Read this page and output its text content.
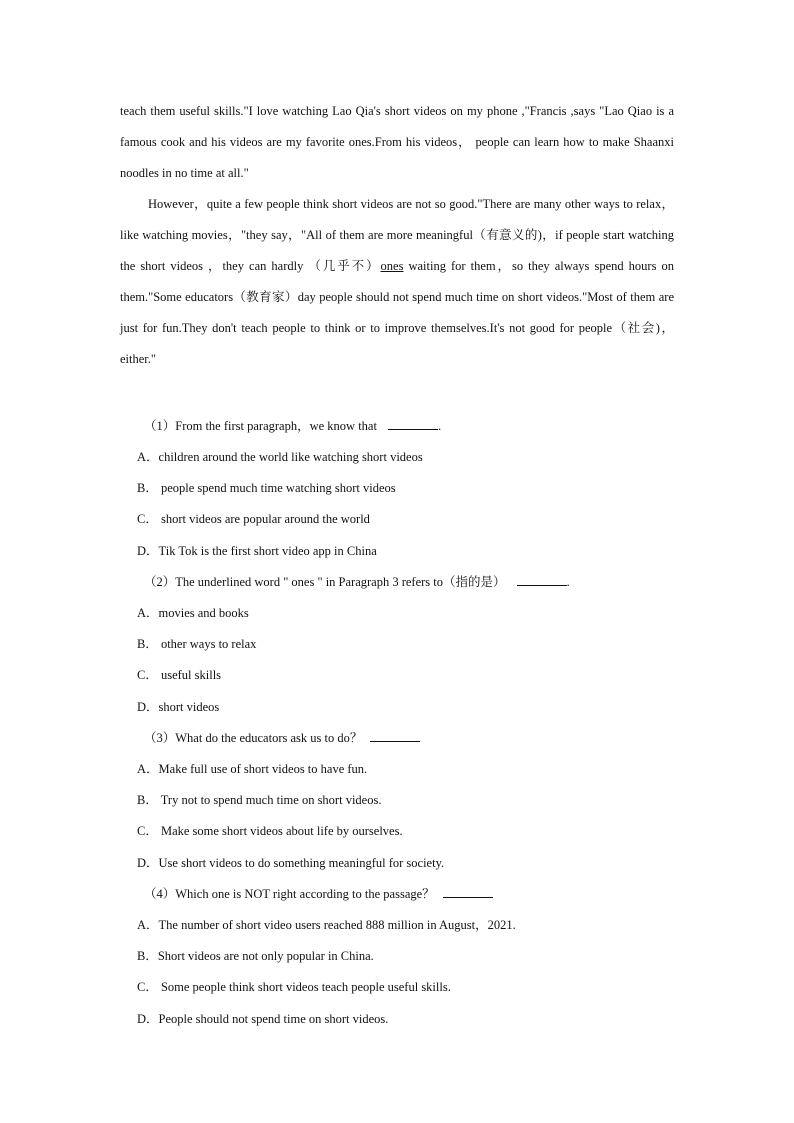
teach them useful skills."I love watching Lao Qia's short videos on my phone ,"Francis ,says "Lao Qiao is a famous cook and his videos are my favorite ones.From his videos， people can learn how to make Shaanxi noodles in no time at all."

However，quite a few people think short videos are not so good."There are many other ways to relax，like watching movies，"they say，"All of them are more meaningful（有意义的)，if people start watching the short videos ，they can hardly （几乎不）ones waiting for them，so they always spend hours on them."Some educators（教育家）day people should not spend much time on short videos."Most of them are just for fun.They don't teach people to think or to improve themselves.It's not good for people（社会)，either."

（1）From the first paragraph，we know that	.
A．children around the world like watching short videos
B． people spend much time watching short videos
C． short videos are popular around the world
D．Tik Tok is the first short video app in China
（2）The underlined word " ones " in Paragraph 3 refers to（指的是）	.
A．movies and books
B． other ways to relax
C． useful skills
D．short videos
（3）What do the educators ask us to do？
A．Make full use of short videos to have fun.
B． Try not to spend much time on short videos.
C． Make some short videos about life by ourselves.
D．Use short videos to do something meaningful for society.
（4）Which one is NOT right according to the passage？
A．The number of short video users reached 888 million in August，2021.
B．Short videos are not only popular in China.
C． Some people think short videos teach people useful skills.
D．People should not spend time on short videos.
